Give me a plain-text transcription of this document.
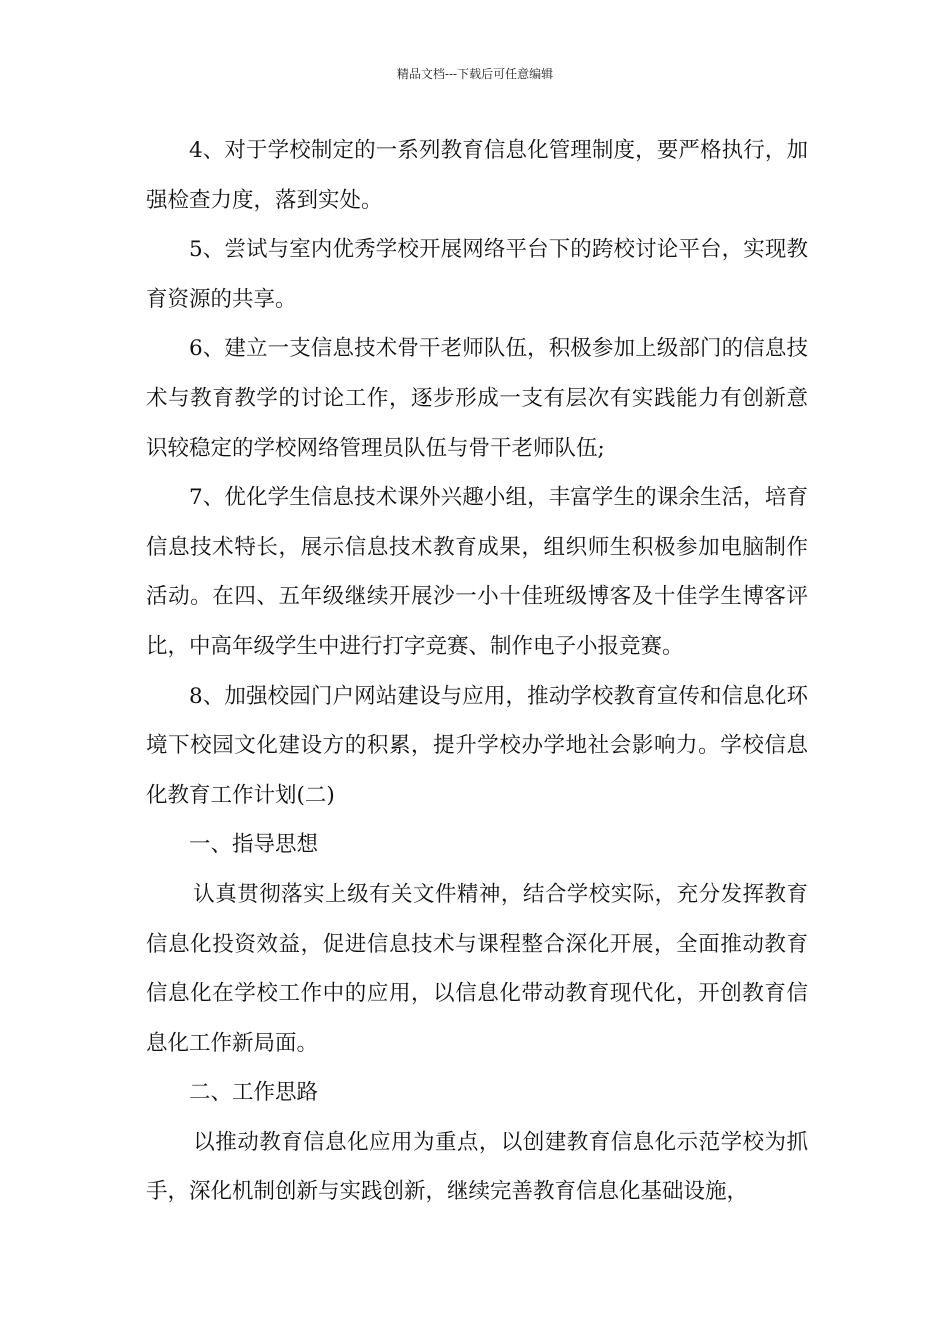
精品文档---下载后可任意编辑

4、对于学校制定的一系列教育信息化管理制度，要严格执行，加强检查力度，落到实处。

5、尝试与室内优秀学校开展网络平台下的跨校讨论平台，实现教育资源的共享。

6、建立一支信息技术骨干老师队伍，积极参加上级部门的信息技术与教育教学的讨论工作，逐步形成一支有层次有实践能力有创新意识较稳定的学校网络管理员队伍与骨干老师队伍;

7、优化学生信息技术课外兴趣小组，丰富学生的课余生活，培育信息技术特长，展示信息技术教育成果，组织师生积极参加电脑制作活动。在四、五年级继续开展沙一小十佳班级博客及十佳学生博客评比，中高年级学生中进行打字竞赛、制作电子小报竞赛。

8、加强校园门户网站建设与应用，推动学校教育宣传和信息化环境下校园文化建设方的积累，提升学校办学地社会影响力。学校信息化教育工作计划(二)

一、指导思想

认真贯彻落实上级有关文件精神，结合学校实际，充分发挥教育信息化投资效益，促进信息技术与课程整合深化开展，全面推动教育信息化在学校工作中的应用，以信息化带动教育现代化，开创教育信息化工作新局面。

二、工作思路

以推动教育信息化应用为重点，以创建教育信息化示范学校为抓手，深化机制创新与实践创新，继续完善教育信息化基础设施，
